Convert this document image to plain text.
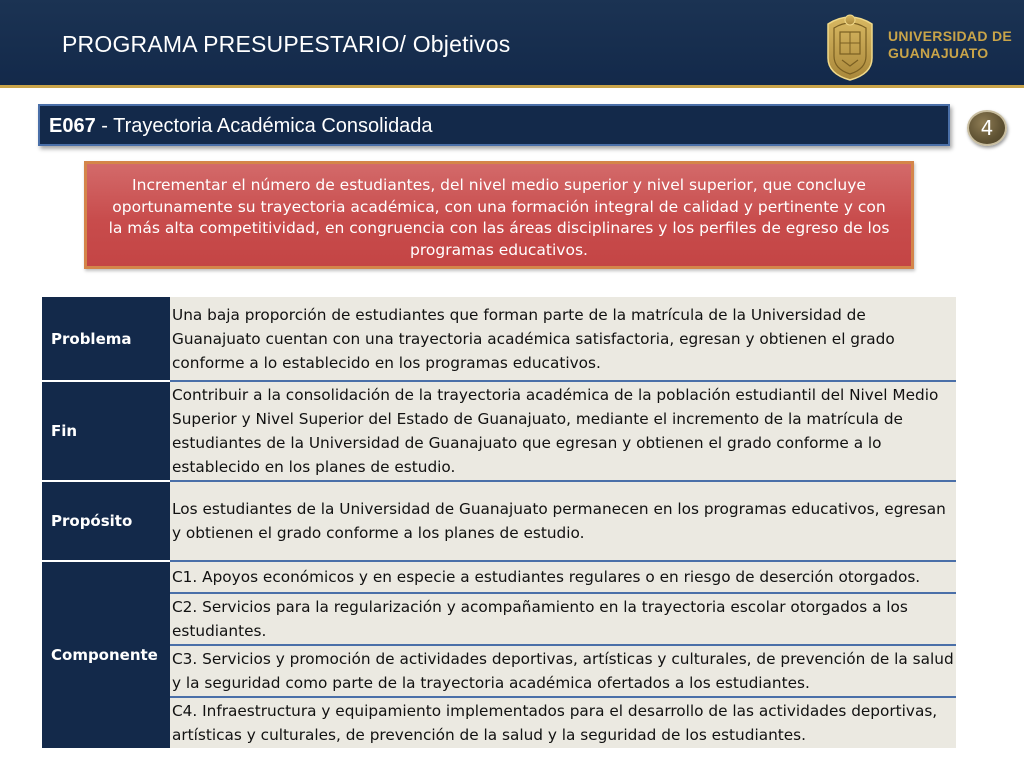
PROGRAMA PRESUPESTARIO/ Objetivos	UNIVERSIDAD DE
GUANAJUATO
E067 - Trayectoria Académica Consolidada	4
Incrementar el número de estudiantes, del nivel medio superior y nivel superior, que concluye oportunamente su trayectoria académica, con una formación integral de calidad y pertinente y con la más alta competitividad, en congruencia con las áreas disciplinares y los perfiles de egreso de los programas educativos.
Problema	Una baja proporción de estudiantes que forman parte de la matrícula de la Universidad de Guanajuato cuentan con una trayectoria académica satisfactoria, egresan y obtienen el grado conforme a lo establecido en los programas educativos.
Fin	Contribuir a la consolidación de la trayectoria académica de la población estudiantil del Nivel Medio Superior y Nivel Superior del Estado de Guanajuato, mediante el incremento de la matrícula de estudiantes de la Universidad de Guanajuato que egresan y obtienen el grado conforme a lo establecido en los planes de estudio.
Propósito	Los estudiantes de la Universidad de Guanajuato permanecen en los programas educativos, egresan y obtienen el grado conforme a los planes de estudio.
Componente	C1. Apoyos económicos y en especie a estudiantes regulares o en riesgo de deserción otorgados.
	C2. Servicios para la regularización y acompañamiento en la trayectoria escolar otorgados a los estudiantes.
	C3. Servicios y promoción de actividades deportivas, artísticas y culturales, de prevención de la salud y la seguridad como parte de la trayectoria académica ofertados a los estudiantes.
	C4. Infraestructura y equipamiento implementados para el desarrollo de las actividades deportivas, artísticas y culturales, de prevención de la salud y la seguridad de los estudiantes.
